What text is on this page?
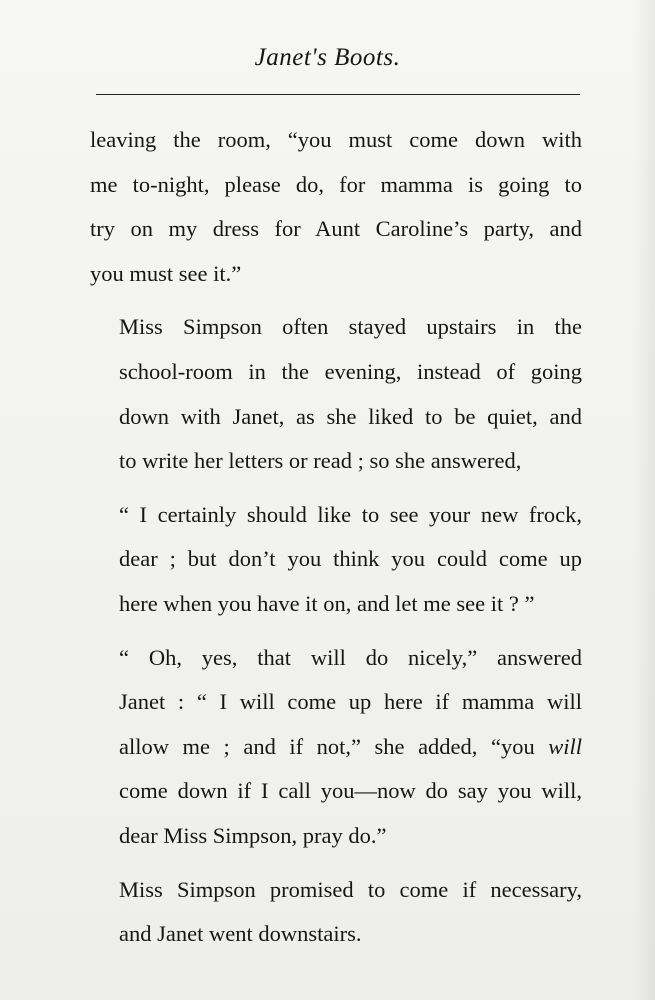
Janet's Boots.

leaving the room, “you must come down with
me to-night, please do, for mamma is going to
try on my dress for Aunt Caroline’s party, and
you must see it.”

Miss Simpson often stayed upstairs in the
school-room in the evening, instead of going
down with Janet, as she liked to be quiet, and
to write her letters or read ; so she answered,

“ I certainly should like to see your new frock,
dear ; but don’t you think you could come up
here when you have it on, and let me see it ? ”

“ Oh, yes, that will do nicely,” answered
Janet : “ I will come up here if mamma will
allow me ; and if not,” she added, “you will
come down if I call you—now do say you will,
dear Miss Simpson, pray do.”

Miss Simpson promised to come if necessary,
and Janet went downstairs.
